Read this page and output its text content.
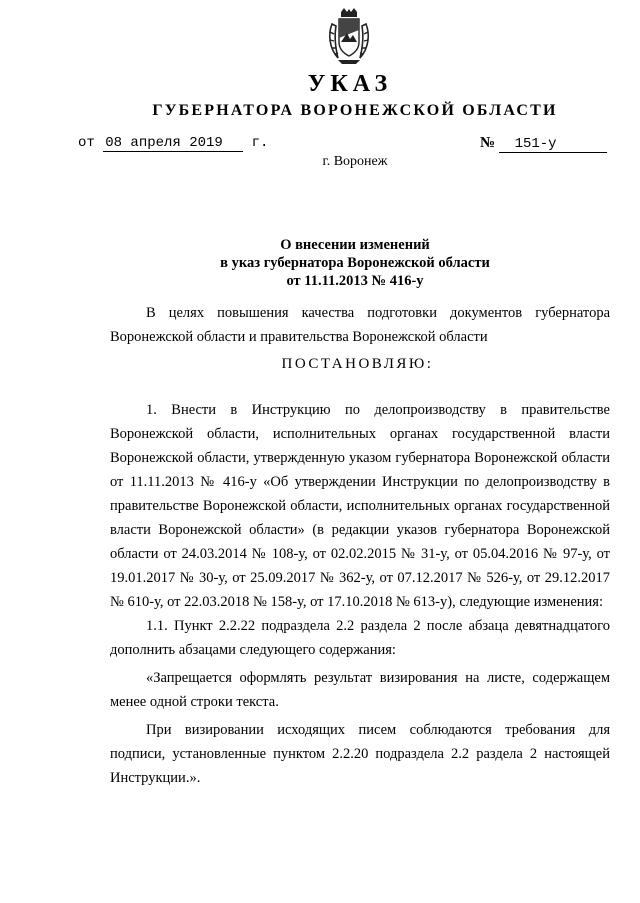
УКАЗ
ГУБЕРНАТОРА ВОРОНЕЖСКОЙ ОБЛАСТИ
от 08 апреля 2019 г.	№ 151-у
г. Воронеж
О внесении изменений
в указ губернатора Воронежской области
от 11.11.2013 № 416-у

В целях повышения качества подготовки документов губернатора Воронежской области и правительства Воронежской области

ПОСТАНОВЛЯЮ:

1. Внести в Инструкцию по делопроизводству в правительстве Воронежской области, исполнительных органах государственной власти Воронежской области, утвержденную указом губернатора Воронежской области от 11.11.2013 № 416-у «Об утверждении Инструкции по делопроизводству в правительстве Воронежской области, исполнительных органах государственной власти Воронежской области» (в редакции указов губернатора Воронежской области от 24.03.2014 № 108-у, от 02.02.2015 № 31-у, от 05.04.2016 № 97-у, от 19.01.2017 № 30-у, от 25.09.2017 № 362-у, от 07.12.2017 № 526-у, от 29.12.2017 № 610-у, от 22.03.2018 № 158-у, от 17.10.2018 № 613-у), следующие изменения:

1.1. Пункт 2.2.22 подраздела 2.2 раздела 2 после абзаца девятнадцатого дополнить абзацами следующего содержания:

«Запрещается оформлять результат визирования на листе, содержащем менее одной строки текста.

При визировании исходящих писем соблюдаются требования для подписи, установленные пунктом 2.2.20 подраздела 2.2 раздела 2 настоящей Инструкции.».
